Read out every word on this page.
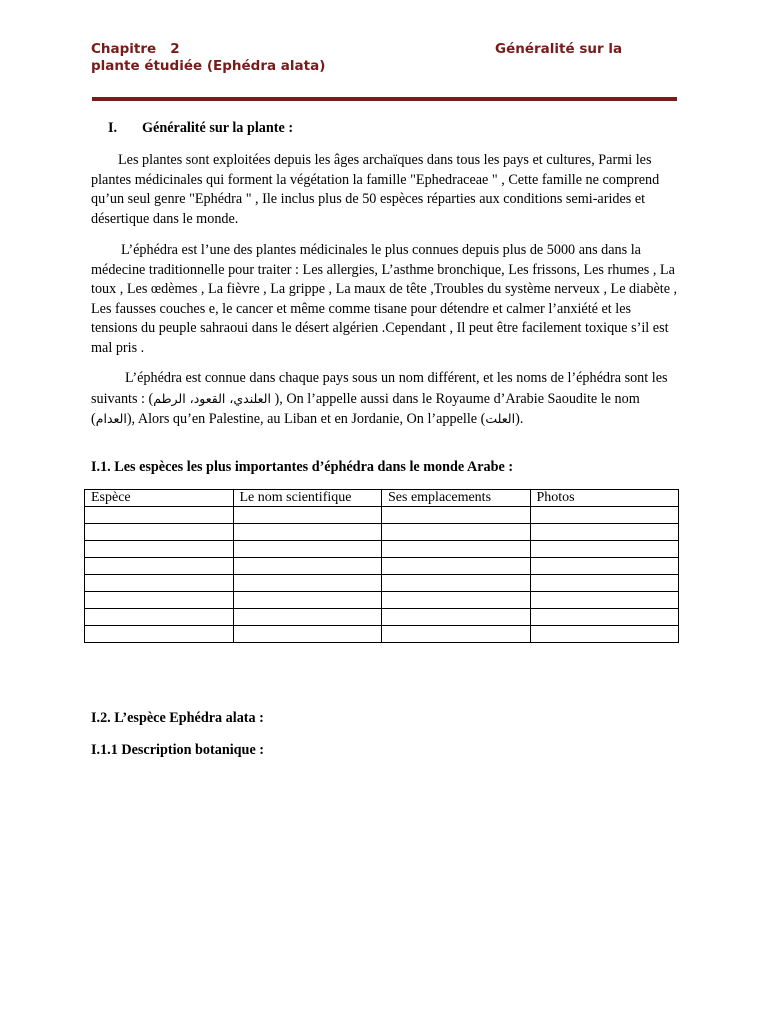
Chapitre   2
plante étudiée (Ephédra alata)
Généralité sur la
I. Généralité sur la plante :
Les plantes sont exploitées depuis les âges archaïques dans tous les pays et cultures, Parmi les plantes médicinales qui forment la végétation la famille "Ephedraceae " , Cette famille ne comprend qu’un seul genre "Ephédra " , Ile inclus plus de 50 espèces réparties aux conditions semi-arides et désertique dans le monde.
L’éphédra est l’une des plantes médicinales le plus connues depuis plus de 5000 ans dans la médecine traditionnelle pour traiter : Les allergies, L’asthme bronchique, Les frissons, Les rhumes , La toux , Les œdèmes , La fièvre , La grippe , La maux de tête ,Troubles du système nerveux , Le diabète , Les fausses couches e, le cancer et même comme tisane pour détendre et calmer l’anxiété et les tensions du peuple sahraoui dans le désert algérien .Cependant , Il peut être facilement toxique s’il est mal pris .
L’éphédra est connue dans chaque pays sous un nom différent, et les noms de l’éphédra sont les suivants : (العلندي، القعود، الرطم ), On l’appelle aussi dans le Royaume d’Arabie Saoudite le nom (العدام), Alors qu’en Palestine, au Liban et en Jordanie, On l’appelle (العلت).
I.1. Les espèces les plus importantes d’éphédra dans le monde Arabe :
Espèce	Le nom scientifique	Ses emplacements	Photos

I.2. L’espèce Ephédra alata :
I.1.1 Description botanique :
